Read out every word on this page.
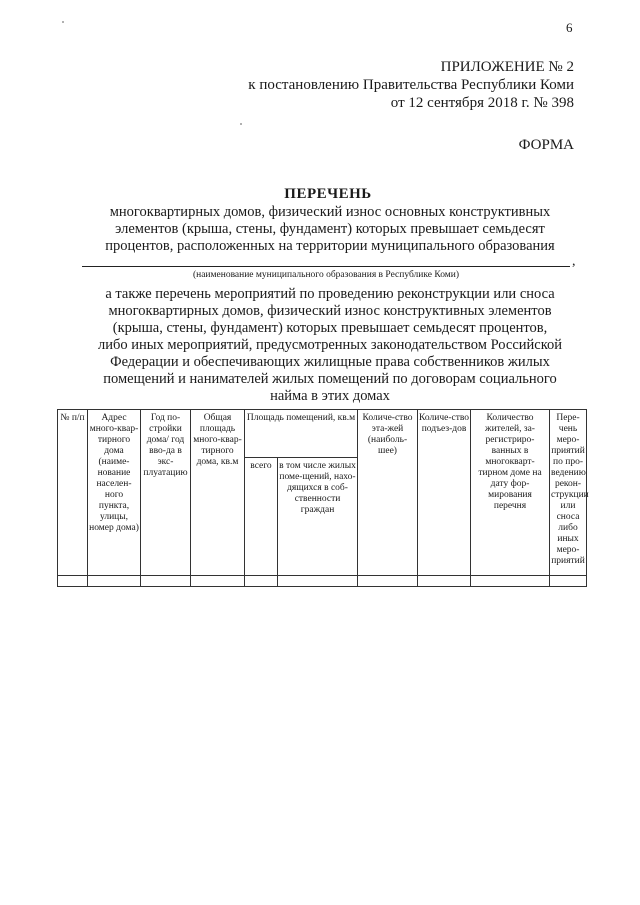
6
ПРИЛОЖЕНИЕ № 2
к постановлению Правительства Республики Коми
от 12 сентября 2018 г. № 398
ФОРМА
ПЕРЕЧЕНЬ
многоквартирных домов, физический износ основных конструктивных
элементов (крыша, стены, фундамент) которых превышает семьдесят
процентов, расположенных на территории муниципального образования
,
(наименование муниципального образования в Республике Коми)
а также перечень мероприятий по проведению реконструкции или сноса
многоквартирных домов, физический износ конструктивных элементов
(крыша, стены, фундамент) которых превышает семьдесят процентов,
либо иных мероприятий, предусмотренных законодательством Российской
Федерации и обеспечивающих жилищные права собственников жилых
помещений и нанимателей жилых помещений по договорам социального
найма в этих домах
№ п/п	Адрес много-квар-тирного дома (наиме-нование населен-ного пункта, улицы, номер дома)	Год по-стройки дома/ год вво-да в экс-плуатацию	Общая площадь много-квар-тирного дома, кв.м	Площадь помещений, кв.м		Количе-ство эта-жей (наиболь-шее)	Количе-ство подъез-дов	Количество жителей, за-регистриро-ванных в многокварт-тирном доме на дату фор-мирования перечня	Пере-чень меро-приятий по про-ведению рекон-струкции или сноса либо иных меро-приятий
				всего	в том числе жилых поме-щений, нахо-дящихся в соб-ственности граждан				
